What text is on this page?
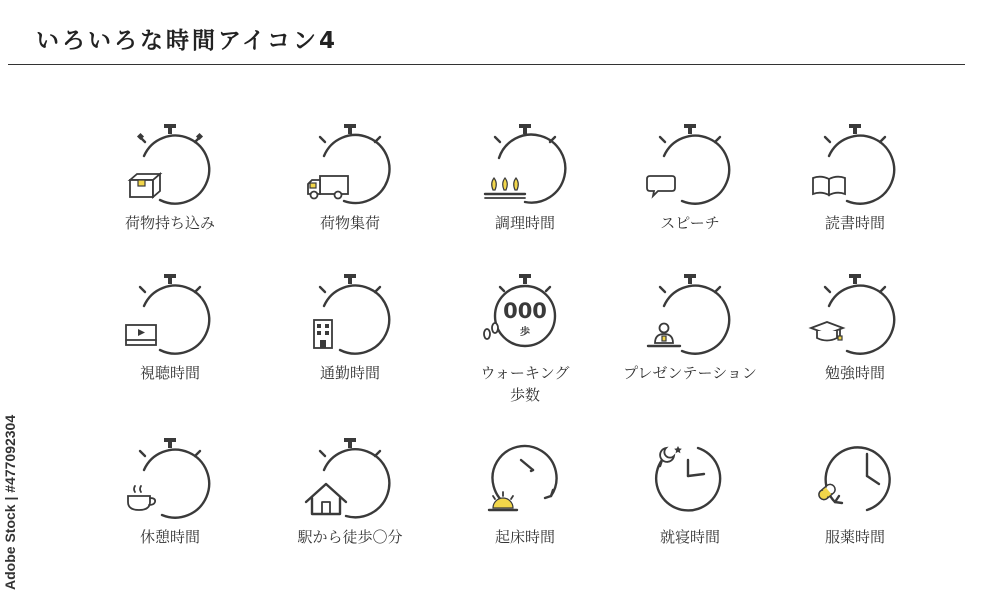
いろいろな時間アイコン4
荷物持ち込み	荷物集荷	調理時間	スピーチ	読書時間
視聴時間	通勤時間
000
歩
ウォーキング
歩数
プレゼンテーション	勉強時間
休憩時間	駅から徒歩〇分	起床時間	就寝時間	服薬時間
Adobe Stock | #477092304
